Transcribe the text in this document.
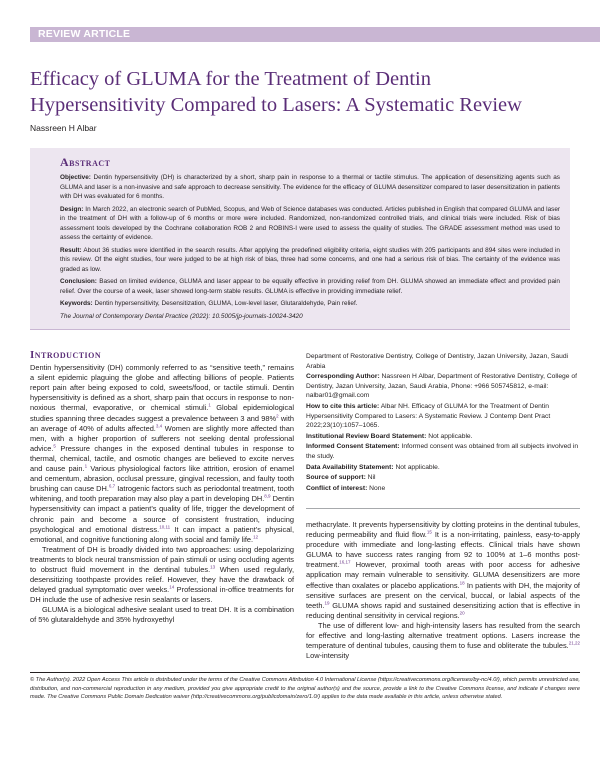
REVIEW ARTICLE
Efficacy of GLUMA for the Treatment of Dentin Hypersensitivity Compared to Lasers: A Systematic Review
Nassreen H Albar
Abstract

Objective: Dentin hypersensitivity (DH) is characterized by a short, sharp pain in response to a thermal or tactile stimulus. The application of desensitizing agents such as GLUMA and laser is a non-invasive and safe approach to decrease sensitivity. The evidence for the efficacy of GLUMA desensitizer compared to laser desensitization in patients with DH was evaluated for 6 months.

Design: In March 2022, an electronic search of PubMed, Scopus, and Web of Science databases was conducted. Articles published in English that compared GLUMA and laser in the treatment of DH with a follow-up of 6 months or more were included. Randomized, non-randomized controlled trials, and clinical trials were included. Risk of bias assessment tools developed by the Cochrane collaboration ROB 2 and ROBINS-I were used to assess the quality of studies. The GRADE assessment method was used to assess the certainty of evidence.

Result: About 36 studies were identified in the search results. After applying the predefined eligibility criteria, eight studies with 205 participants and 894 sites were included in this review. Of the eight studies, four were judged to be at high risk of bias, three had some concerns, and one had a serious risk of bias. The certainty of the evidence was graded as low.

Conclusion: Based on limited evidence, GLUMA and laser appear to be equally effective in providing relief from DH. GLUMA showed an immediate effect and provided pain relief. Over the course of a week, laser showed long-term stable results. GLUMA is effective in providing immediate relief.

Keywords: Dentin hypersensitivity, Desensitization, GLUMA, Low-level laser, Glutaraldehyde, Pain relief.

The Journal of Contemporary Dental Practice (2022): 10.5005/jp-journals-10024-3420

Introduction

Dentin hypersensitivity (DH) commonly referred to as “sensitive teeth,” remains a silent epidemic plaguing the globe and affecting billions of people. Patients report pain after being exposed to cold, sweets/food, or tactile stimuli. Dentin hypersensitivity is defined as a short, sharp pain that occurs in response to non-noxious thermal, evaporative, or chemical stimuli.$^1$ Global epidemiological studies spanning three decades suggest a prevalence between 3 and 98%$^2$ with an average of 40% of adults affected.$^{3,4}$ Women are slightly more affected than men, with a higher proportion of sufferers not seeking dental professional advice.$^5$ Pressure changes in the exposed dentinal tubules in response to thermal, chemical, tactile, and osmotic changes are believed to excite nerves and cause pain.$^1$ Various physiological factors like attrition, erosion of enamel and cementum, abrasion, occlusal pressure, gingival recession, and faulty tooth brushing can cause DH.$^{6,7}$ Iatrogenic factors such as periodontal treatment, tooth whitening, and tooth preparation may also play a part in developing DH.$^{8,9}$ Dentin hypersensitivity can impact a patient’s quality of life, trigger the development of chronic pain and become a source of consistent frustration, inducing psychological and emotional distress.$^{10,11}$ It can impact a patient’s physical, emotional, and cognitive functioning along with social and family life.$^{12}$

Treatment of DH is broadly divided into two approaches: using depolarizing treatments to block neural transmission of pain stimuli or using occluding agents to obstruct fluid movement in the dentinal tubules.$^{13}$ When used regularly, desensitizing toothpaste provides relief. However, they have the drawback of delayed gradual symptomatic over weeks.$^{14}$ Professional in-office treatments for DH include the use of adhesive resin sealants or lasers.

GLUMA is a biological adhesive sealant used to treat DH. It is a combination of 5% glutaraldehyde and 35% hydroxyethyl

Department of Restorative Dentistry, College of Dentistry, Jazan University, Jazan, Saudi Arabia

Corresponding Author: Nassreen H Albar, Department of Restorative Dentistry, College of Dentistry, Jazan University, Jazan, Saudi Arabia, Phone: +966 505745812, e-mail: nalbar01@gmail.com

How to cite this article: Albar NH. Efficacy of GLUMA for the Treatment of Dentin Hypersensitivity Compared to Lasers: A Systematic Review. J Contemp Dent Pract 2022;23(10):1057–1065.

Institutional Review Board Statement: Not applicable.

Informed Consent Statement: Informed consent was obtained from all subjects involved in the study.

Data Availability Statement: Not applicable.

Source of support: Nil

Conflict of interest: None

methacrylate. It prevents hypersensitivity by clotting proteins in the dentinal tubules, reducing permeability and fluid flow.$^{15}$ It is a non-irritating, painless, easy-to-apply procedure with immediate and long-lasting effects. Clinical trials have shown GLUMA to have success rates ranging from 92 to 100% at 1–6 months post-treatment.$^{16,17}$ However, proximal tooth areas with poor access for adhesive application may remain vulnerable to sensitivity. GLUMA desensitizers are more effective than oxalates or placebo applications.$^{18}$ In patients with DH, the majority of sensitive surfaces are present on the cervical, buccal, or labial aspects of the teeth.$^{19}$ GLUMA shows rapid and sustained desensitizing action that is effective in reducing dentinal sensitivity in cervical regions.$^{20}$

The use of different low- and high-intensity lasers has resulted from the search for effective and long-lasting alternative treatment options. Lasers increase the temperature of dentinal tubules, causing them to fuse and obliterate the tubules.$^{21,22}$ Low-intensity

© The Author(s). 2022 Open Access This article is distributed under the terms of the Creative Commons Attribution 4.0 International License (https://creativecommons.org/licenses/by-nc/4.0/), which permits unrestricted use, distribution, and non-commercial reproduction in any medium, provided you give appropriate credit to the original author(s) and the source, provide a link to the Creative Commons license, and indicate if changes were made. The Creative Commons Public Domain Dedication waiver (http://creativecommons.org/publicdomain/zero/1.0/) applies to the data made available in this article, unless otherwise stated.
